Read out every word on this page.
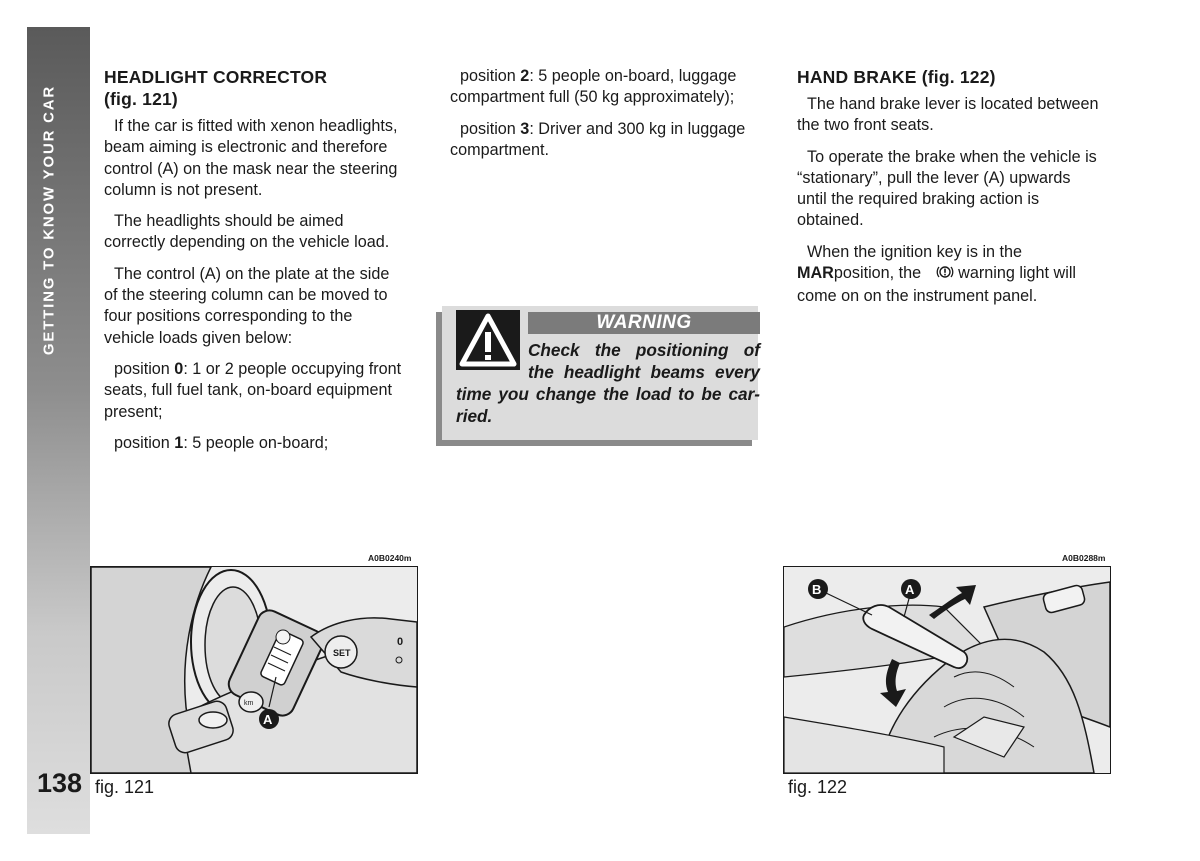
GETTING TO KNOW YOUR CAR
138
HEADLIGHT CORRECTOR
(fig. 121)

If the car is fitted with xenon headlights, beam aiming is electronic and therefore control (A) on the mask near the steering column is not present.

The headlights should be aimed correctly depending on the vehicle load.

The control (A) on the plate at the side of the steering column can be moved to four positions corresponding to the vehicle loads given below:

position 0: 1 or 2 people occupying front seats, full fuel tank, on-board equipment present;

position 1: 5 people on-board;

position 2: 5 people on-board, luggage compartment full (50 kg approximately);

position 3: Driver and 300 kg in luggage compartment.

WARNING
Check the positioning of
the headlight beams every
time you change the load to be car-
ried.
HAND BRAKE (fig. 122)

The hand brake lever is located between the two front seats.

To operate the brake when the vehicle is “stationary”, pull the lever (A) upwards until the required braking action is obtained.

When the ignition key is in the MARposition, the  warning light will come on on the instrument panel.

A0B0240m
SET
0
km
A
fig. 121
A0B0288m
B	A
fig. 122
